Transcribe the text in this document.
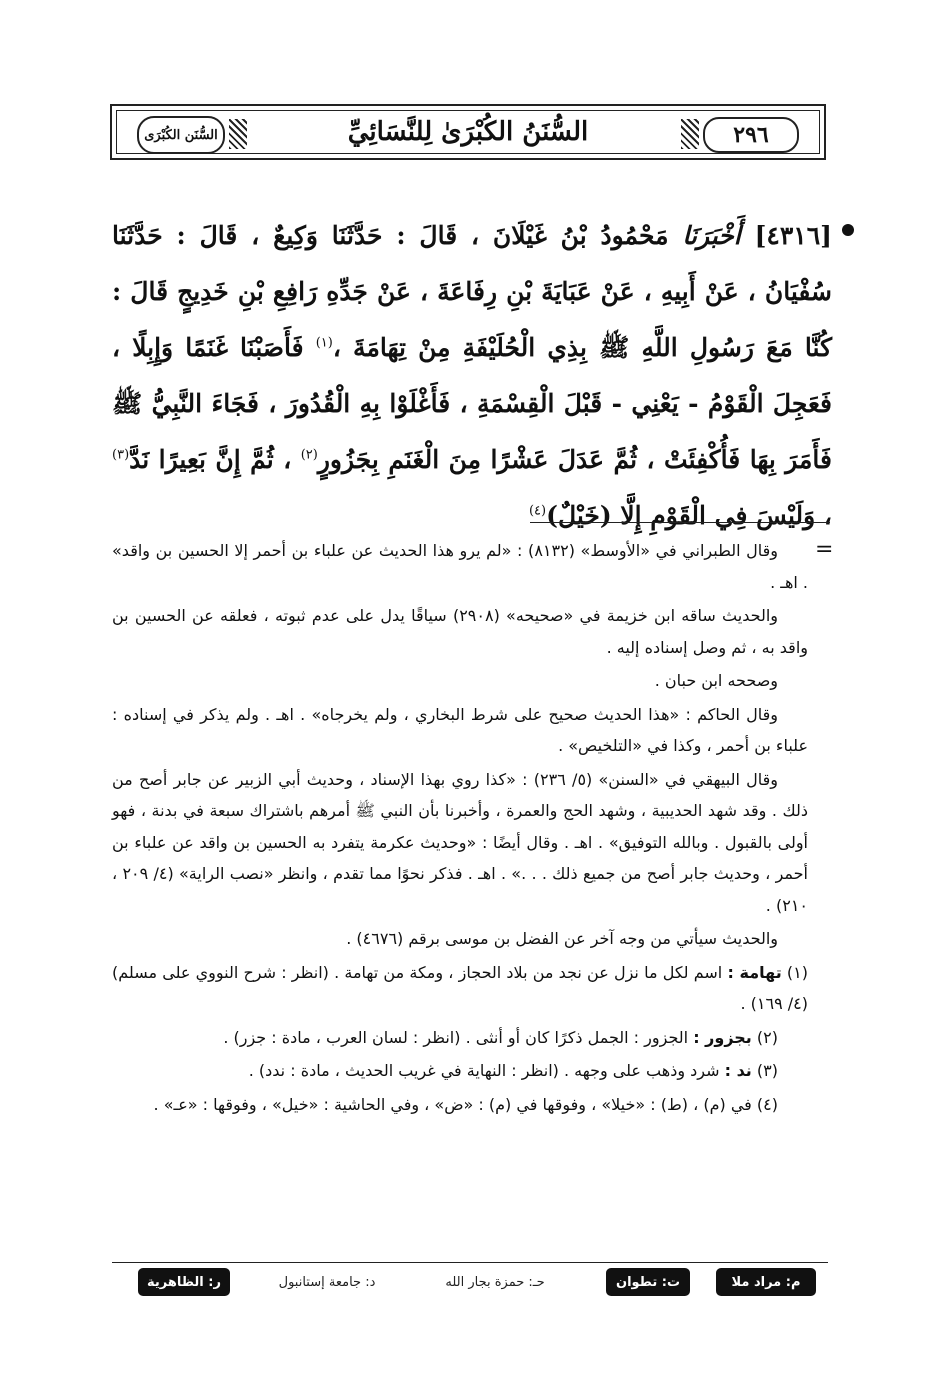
السُّنَن الكُبْرَى	السُّنَنُ الكُبْرَىٰ لِلنَّسَائِيِّ	٢٩٦
[٤٣١٦] أَخْبَرَنَا مَحْمُودُ بْنُ غَيْلَانَ ، قَالَ : حَدَّثَنَا وَكِيعٌ ، قَالَ : حَدَّثَنَا سُفْيَانُ ، عَنْ أَبِيهِ ، عَنْ عَبَايَةَ بْنِ رِفَاعَةَ ، عَنْ جَدِّهِ رَافِعِ بْنِ خَدِيجٍ قَالَ : كُنَّا مَعَ رَسُولِ اللَّهِ ﷺ بِذِي الْحُلَيْفَةِ مِنْ تِهَامَةَ ،$^{(١)}$ فَأَصَبْنَا غَنَمًا وَإِبِلًا ، فَعَجِلَ الْقَوْمُ - يَعْنِي - قَبْلَ الْقِسْمَةِ ، فَأَغْلَوْا بِهِ الْقُدُورَ ، فَجَاءَ النَّبِيُّ ﷺ فَأَمَرَ بِهَا فَأُكْفِئَتْ ، ثُمَّ عَدَلَ عَشْرًا مِنَ الْغَنَمِ بِجَزُورٍ$^{(٢)}$ ، ثُمَّ إِنَّ بَعِيرًا نَدَّ$^{(٣)}$ ، وَلَيْسَ فِي الْقَوْمِ إِلَّا (خَيْلٌ)$^{(٤)}$
=

وقال الطبراني في «الأوسط» (٨١٣٢) : «لم يرو هذا الحديث عن علباء بن أحمر إلا الحسين بن واقد» . اهـ .

والحديث ساقه ابن خزيمة في «صحيحه» (٢٩٠٨) سياقًا يدل على عدم ثبوته ، فعلقه عن الحسين بن واقد به ، ثم وصل إسناده إليه .

وصححه ابن حبان .

وقال الحاكم : «هذا الحديث صحيح على شرط البخاري ، ولم يخرجاه» . اهـ . ولم يذكر في إسناده : علباء بن أحمر ، وكذا في «التلخيص» .

وقال البيهقي في «السنن» (٥/ ٢٣٦) : «كذا روي بهذا الإسناد ، وحديث أبي الزبير عن جابر أصح من ذلك . وقد شهد الحديبية ، وشهد الحج والعمرة ، وأخبرنا بأن النبي ﷺ أمرهم باشتراك سبعة في بدنة ، فهو أولى بالقبول . وبالله التوفيق» . اهـ . وقال أيضًا : «وحديث عكرمة يتفرد به الحسين بن واقد عن علباء بن أحمر ، وحديث جابر أصح من جميع ذلك . . .» . اهـ . فذكر نحوًا مما تقدم ، وانظر «نصب الراية» (٤/ ٢٠٩ ، ٢١٠) .

والحديث سيأتي من وجه آخر عن الفضل بن موسى برقم (٤٦٧٦) .

(١) تهامة : اسم لكل ما نزل عن نجد من بلاد الحجاز ، ومكة من تهامة . (انظر : شرح النووي على مسلم) (٤/ ١٦٩) .

(٢) بجزور : الجزور : الجمل ذكرًا كان أو أنثى . (انظر : لسان العرب ، مادة : جزر) .

(٣) ند : شرد وذهب على وجهه . (انظر : النهاية في غريب الحديث ، مادة : ندد) .

(٤) في (م) ، (ط) : «خيلا» ، وفوقها في (م) : «ض» ، وفي الحاشية : «خيل» ، وفوقها : «عـ» .

م: مراد ملا
ت: تطوان
حـ: حمزة بجار الله
د: جامعة إستانبول
ر: الظاهرية
